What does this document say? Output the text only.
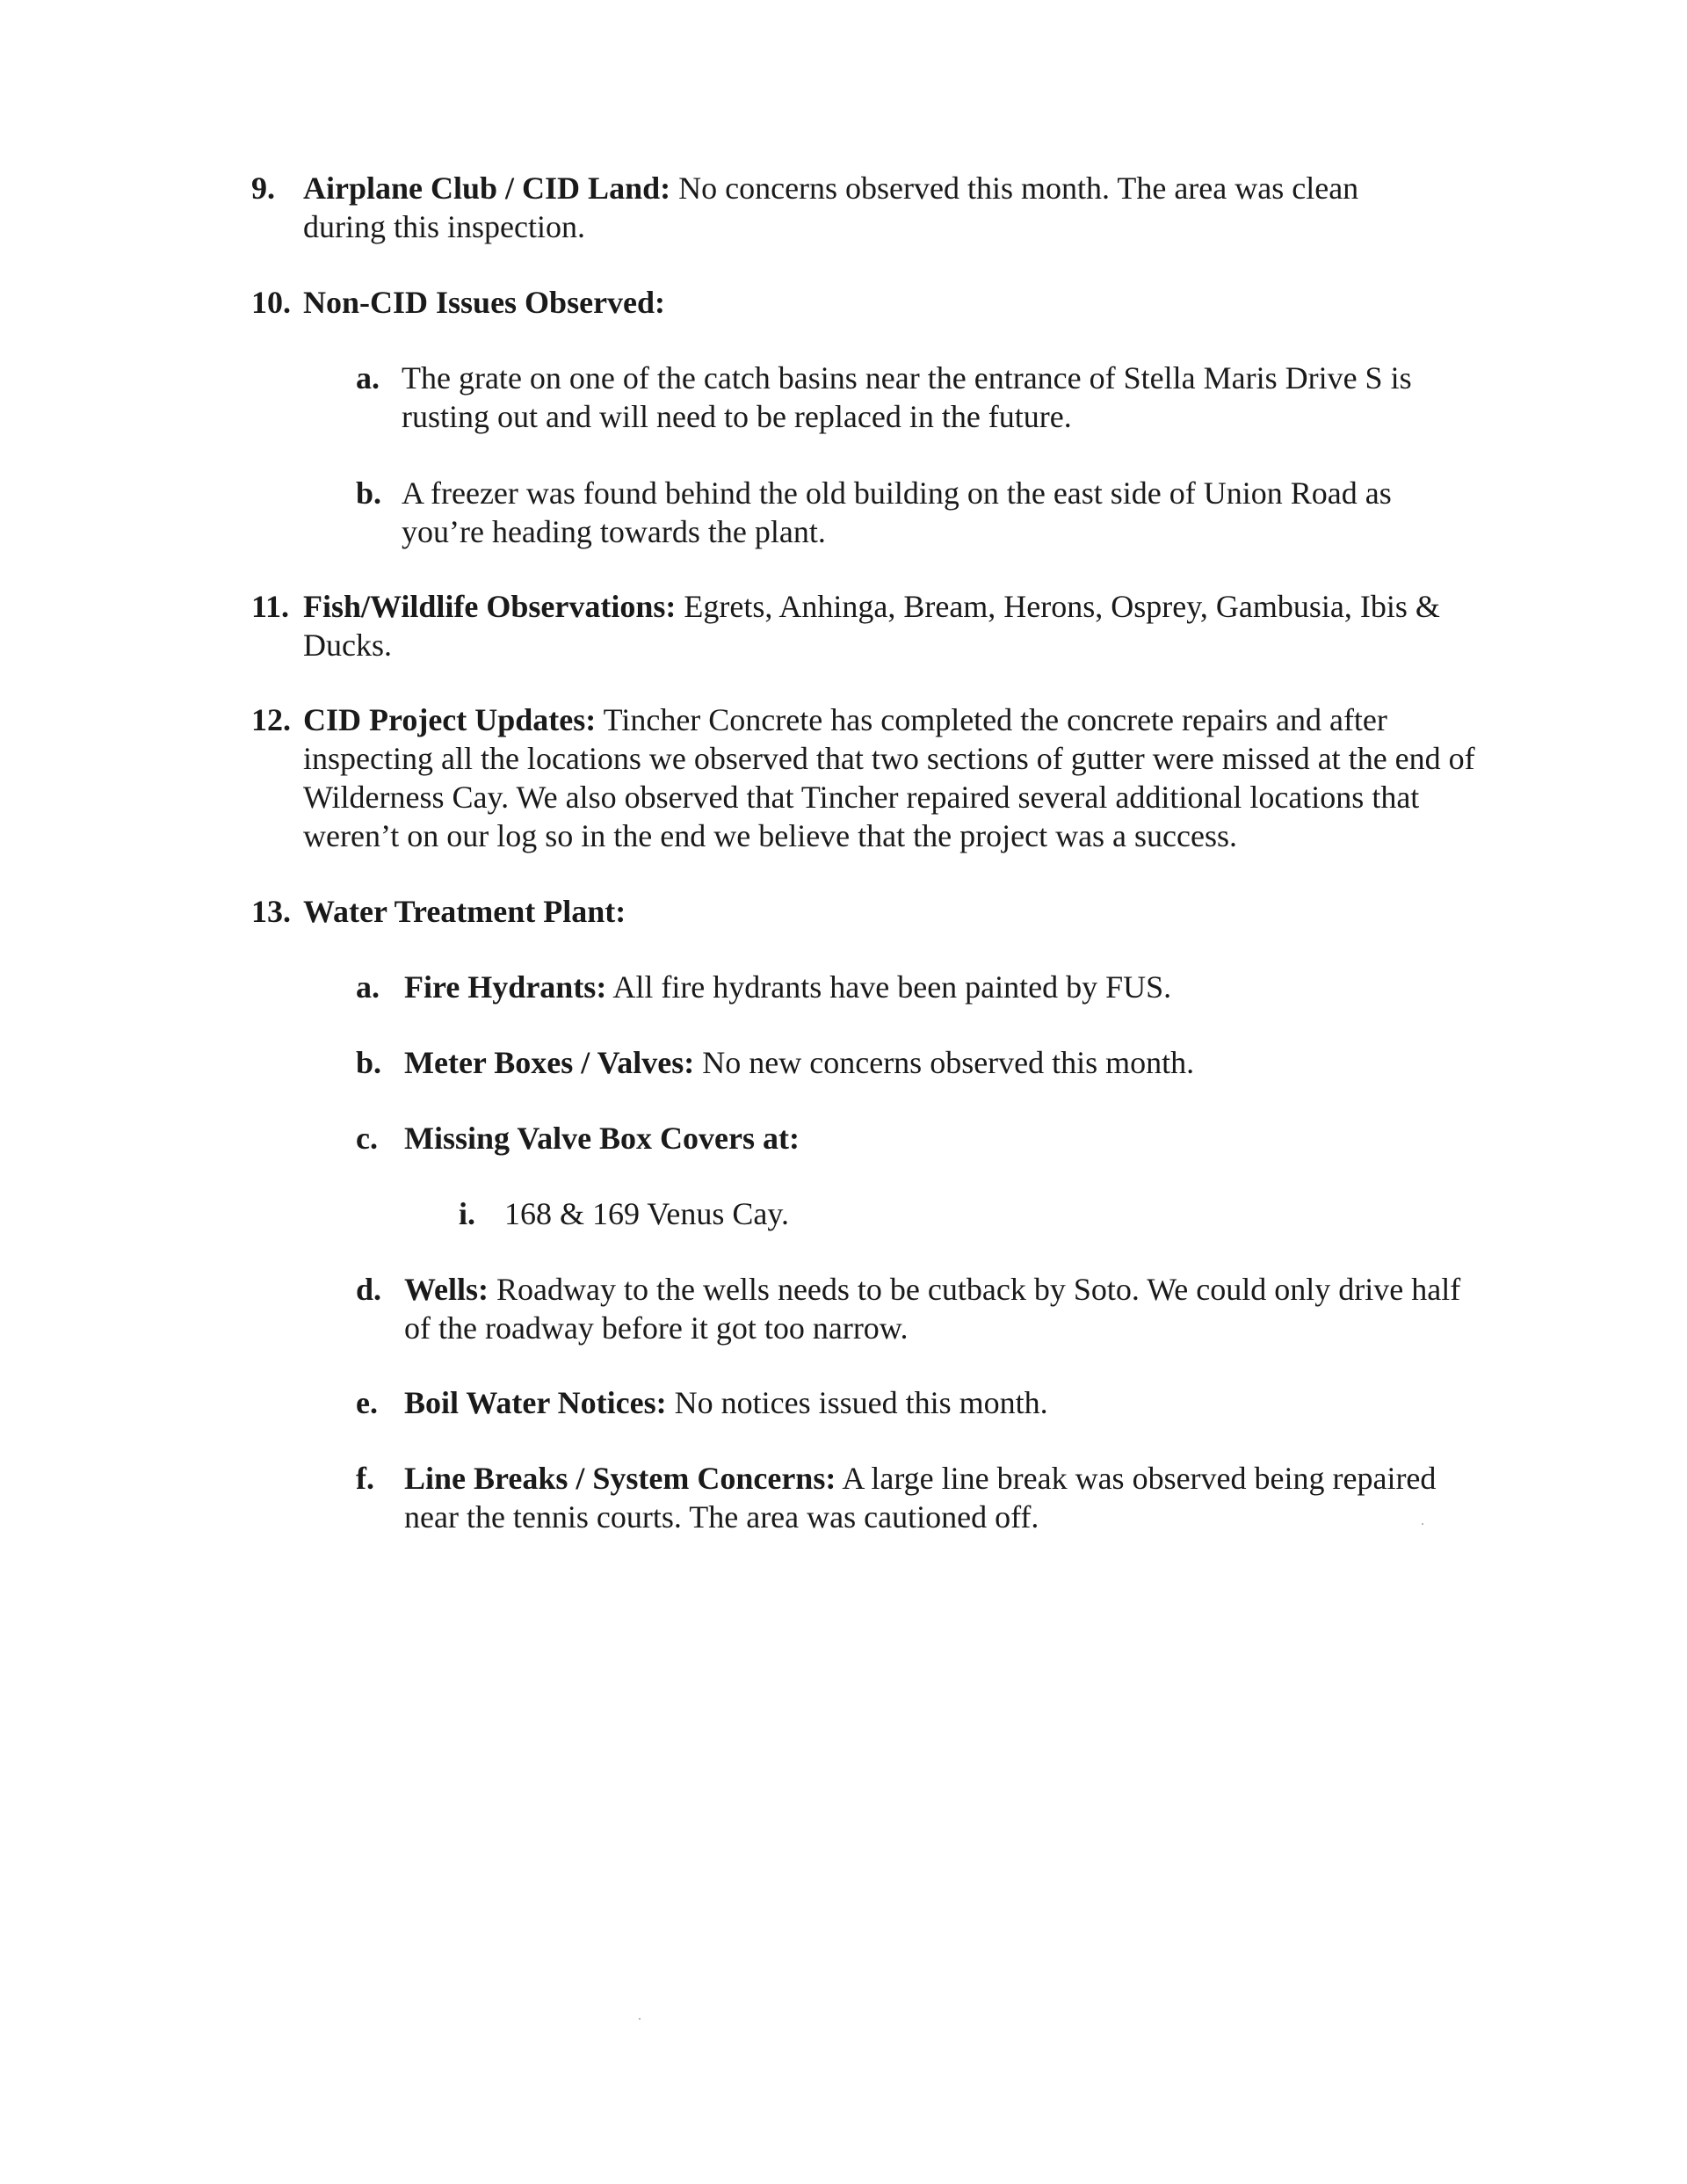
9. Airplane Club / CID Land: No concerns observed this month. The area was clean during this inspection.
10. Non-CID Issues Observed:
a. The grate on one of the catch basins near the entrance of Stella Maris Drive S is rusting out and will need to be replaced in the future.
b. A freezer was found behind the old building on the east side of Union Road as you’re heading towards the plant.
11. Fish/Wildlife Observations: Egrets, Anhinga, Bream, Herons, Osprey, Gambusia, Ibis & Ducks.
12. CID Project Updates: Tincher Concrete has completed the concrete repairs and after inspecting all the locations we observed that two sections of gutter were missed at the end of Wilderness Cay. We also observed that Tincher repaired several additional locations that weren’t on our log so in the end we believe that the project was a success.
13. Water Treatment Plant:
a. Fire Hydrants: All fire hydrants have been painted by FUS.
b. Meter Boxes / Valves: No new concerns observed this month.
c. Missing Valve Box Covers at:
i. 168 & 169 Venus Cay.
d. Wells: Roadway to the wells needs to be cutback by Soto. We could only drive half of the roadway before it got too narrow.
e. Boil Water Notices: No notices issued this month.
f. Line Breaks / System Concerns: A large line break was observed being repaired near the tennis courts. The area was cautioned off.
